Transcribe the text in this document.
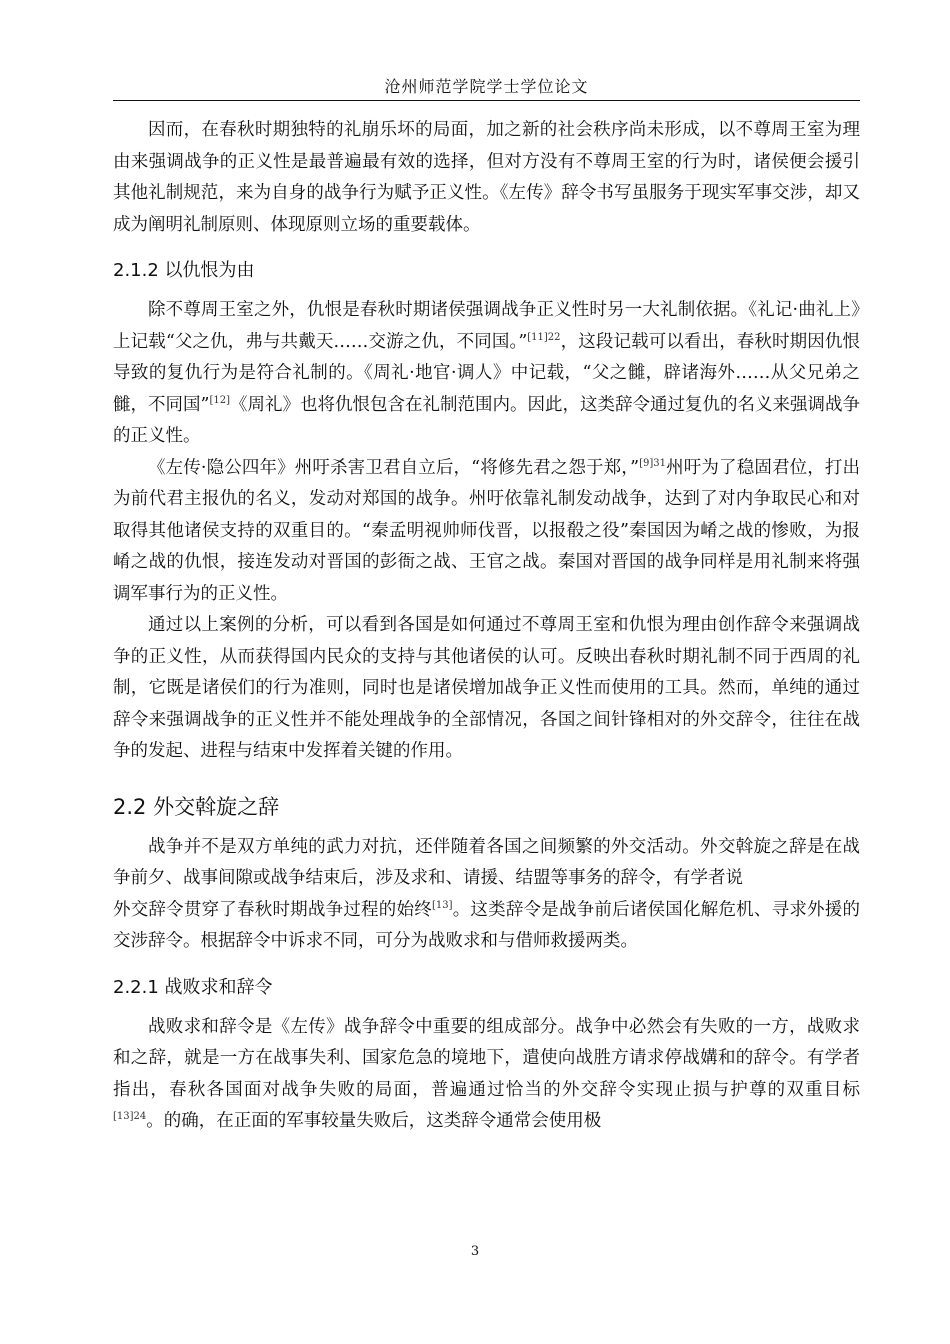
沧州师范学院学士学位论文

因而，在春秋时期独特的礼崩乐坏的局面，加之新的社会秩序尚未形成，以不尊周王室为理由来强调战争的正义性是最普遍最有效的选择，但对方没有不尊周王室的行为时，诸侯便会援引其他礼制规范，来为自身的战争行为赋予正义性。《左传》辞令书写虽服务于现实军事交涉，却又成为阐明礼制原则、体现原则立场的重要载体。

2.1.2 以仇恨为由

除不尊周王室之外，仇恨是春秋时期诸侯强调战争正义性时另一大礼制依据。《礼记·曲礼上》上记载“父之仇，弗与共戴天……交游之仇，不同国。”$^{[11]22}$，这段记载可以看出，春秋时期因仇恨导致的复仇行为是符合礼制的。《周礼·地官·调人》中记载，“父之雠，辟诸海外……从父兄弟之雠，不同国”[12]《周礼》也将仇恨包含在礼制范围内。因此，这类辞令通过复仇的名义来强调战争的正义性。

《左传·隐公四年》州吁杀害卫君自立后，“将修先君之怨于郑，”$^{[9]31}$州吁为了稳固君位，打出为前代君主报仇的名义，发动对郑国的战争。州吁依靠礼制发动战争，达到了对内争取民心和对取得其他诸侯支持的双重目的。“秦孟明视帅师伐晋，以报殽之役”秦国因为崤之战的惨败，为报崤之战的仇恨，接连发动对晋国的彭衙之战、王官之战。秦国对晋国的战争同样是用礼制来将强调军事行为的正义性。

通过以上案例的分析，可以看到各国是如何通过不尊周王室和仇恨为理由创作辞令来强调战争的正义性，从而获得国内民众的支持与其他诸侯的认可。反映出春秋时期礼制不同于西周的礼制，它既是诸侯们的行为准则，同时也是诸侯增加战争正义性而使用的工具。然而，单纯的通过辞令来强调战争的正义性并不能处理战争的全部情况，各国之间针锋相对的外交辞令，往往在战争的发起、进程与结束中发挥着关键的作用。

2.2 外交斡旋之辞

战争并不是双方单纯的武力对抗，还伴随着各国之间频繁的外交活动。外交斡旋之辞是在战争前夕、战事间隙或战争结束后，涉及求和、请援、结盟等事务的辞令，有学者说

外交辞令贯穿了春秋时期战争过程的始终[13]。这类辞令是战争前后诸侯国化解危机、寻求外援的交涉辞令。根据辞令中诉求不同，可分为战败求和与借师救援两类。

2.2.1 战败求和辞令

战败求和辞令是《左传》战争辞令中重要的组成部分。战争中必然会有失败的一方，战败求和之辞，就是一方在战事失利、国家危急的境地下，遣使向战胜方请求停战媾和的辞令。有学者指出，春秋各国面对战争失败的局面，普遍通过恰当的外交辞令实现止损与护尊的双重目标$^{[13]24}$。的确，在正面的军事较量失败后，这类辞令通常会使用极

3
